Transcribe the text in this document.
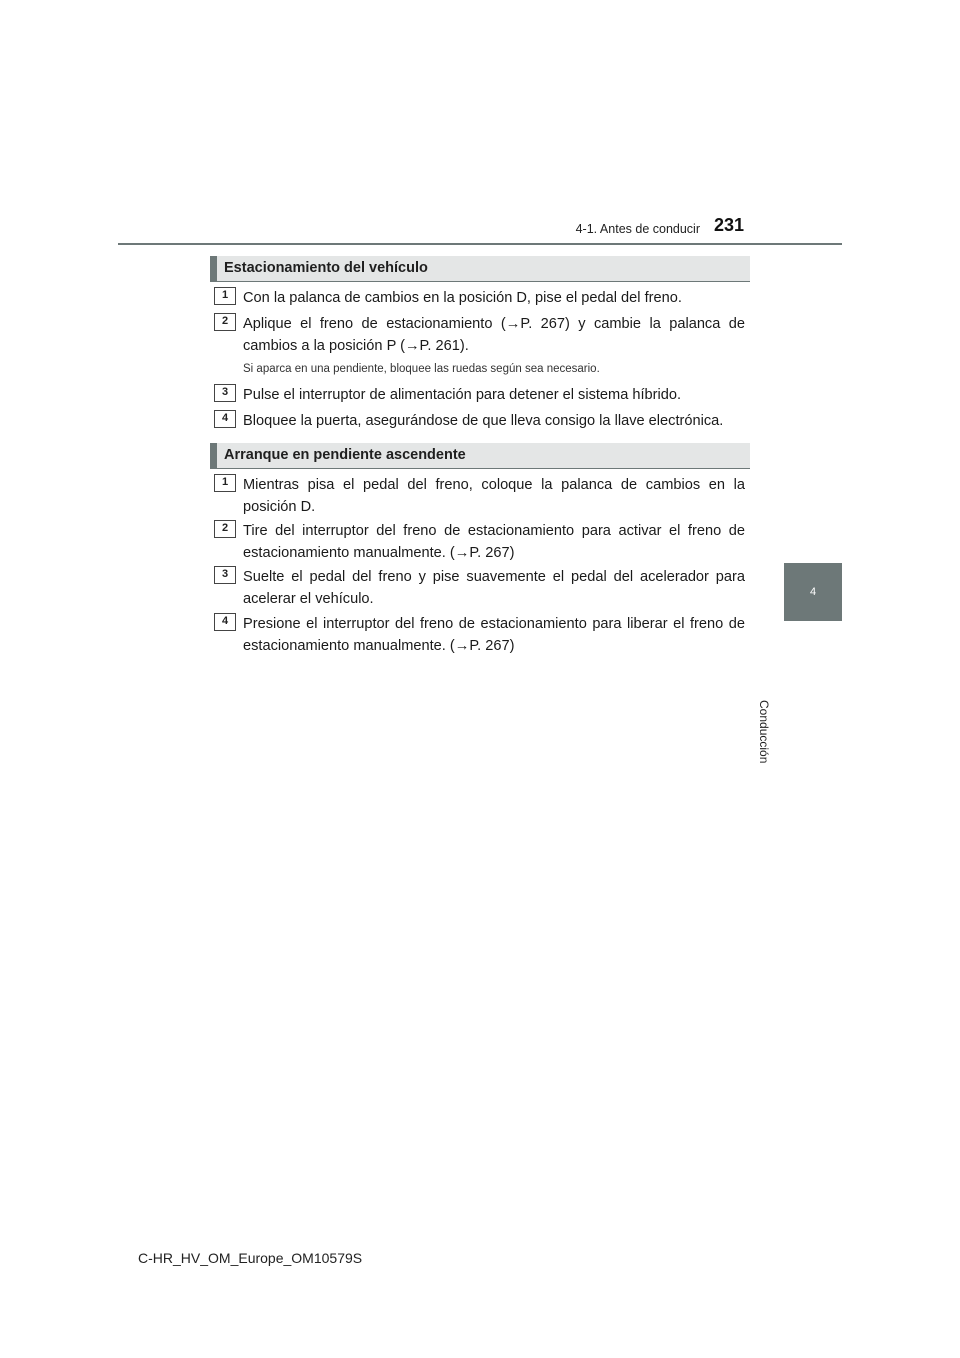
4-1. Antes de conducir 231
4
Conducción
Estacionamiento del vehículo
1	Con la palanca de cambios en la posición D, pise el pedal del freno.
2	Aplique el freno de estacionamiento (→P. 267) y cambie la palanca de cambios a la posición P (→P. 261).
Si aparca en una pendiente, bloquee las ruedas según sea necesario.
3	Pulse el interruptor de alimentación para detener el sistema híbrido.
4	Bloquee la puerta, asegurándose de que lleva consigo la llave electrónica.
Arranque en pendiente ascendente
1	Mientras pisa el pedal del freno, coloque la palanca de cambios en la posición D.
2	Tire del interruptor del freno de estacionamiento para activar el freno de estacionamiento manualmente. (→P. 267)
3	Suelte el pedal del freno y pise suavemente el pedal del acelerador para acelerar el vehículo.
4	Presione el interruptor del freno de estacionamiento para liberar el freno de estacionamiento manualmente. (→P. 267)
C-HR_HV_OM_Europe_OM10579S
